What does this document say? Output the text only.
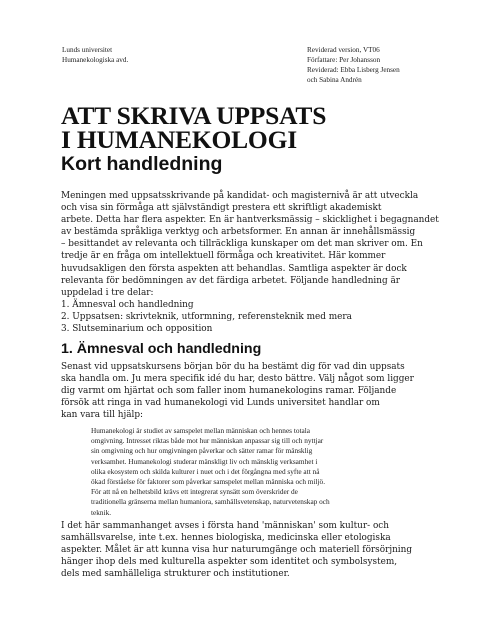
Lunds universitet
Humanekologiska avd.
Reviderad version, VT06
Författare: Per Johansson
Reviderad: Ebba Lisberg Jensen
och Sabina Andrén
ATT SKRIVA UPPSATS
I HUMANEKOLOGI
Kort handledning
Meningen med uppsatsskrivande på kandidat- och magisternivå är att utveckla
och visa sin förmåga att självständigt prestera ett skriftligt akademiskt
arbete. Detta har flera aspekter. En är hantverksmässig – skicklighet i begagnandet
av bestämda språkliga verktyg och arbetsformer. En annan är innehållsmässig
– besittandet av relevanta och tillräckliga kunskaper om det man skriver om. En
tredje är en fråga om intellektuell förmåga och kreativitet. Här kommer
huvudsakligen den första aspekten att behandlas. Samtliga aspekter är dock
relevanta för bedömningen av det färdiga arbetet. Följande handledning är
uppdelad i tre delar:
1. Ämnesval och handledning
2. Uppsatsen: skrivteknik, utformning, referensteknik med mera
3. Slutseminarium och opposition
1. Ämnesval och handledning
Senast vid uppsatskursens början bör du ha bestämt dig för vad din uppsats
ska handla om. Ju mera specifik idé du har, desto bättre. Välj något som ligger
dig varmt om hjärtat och som faller inom humanekologins ramar. Följande
försök att ringa in vad humanekologi vid Lunds universitet handlar om
kan vara till hjälp:
Humanekologi är studiet av samspelet mellan människan och hennes totala
omgivning. Intresset riktas både mot hur människan anpassar sig till och nyttjar
sin omgivning och hur omgivningen påverkar och sätter ramar för mänsklig
verksamhet. Humanekologi studerar mänskligt liv och mänsklig verksamhet i
olika ekosystem och skilda kulturer i nuet och i det förgångna med syfte att nå
ökad förståelse för faktorer som påverkar samspelet mellan människa och miljö.
För att nå en helhetsbild krävs ett integrerat synsätt som överskrider de
traditionella gränserna mellan humaniora, samhällsvetenskap, naturvetenskap och
teknik.
I det här sammanhanget avses i första hand 'människan' som kultur- och
samhällsvarelse, inte t.ex. hennes biologiska, medicinska eller etologiska
aspekter. Målet är att kunna visa hur naturumgänge och materiell försörjning
hänger ihop dels med kulturella aspekter som identitet och symbolsystem,
dels med samhälleliga strukturer och institutioner.
